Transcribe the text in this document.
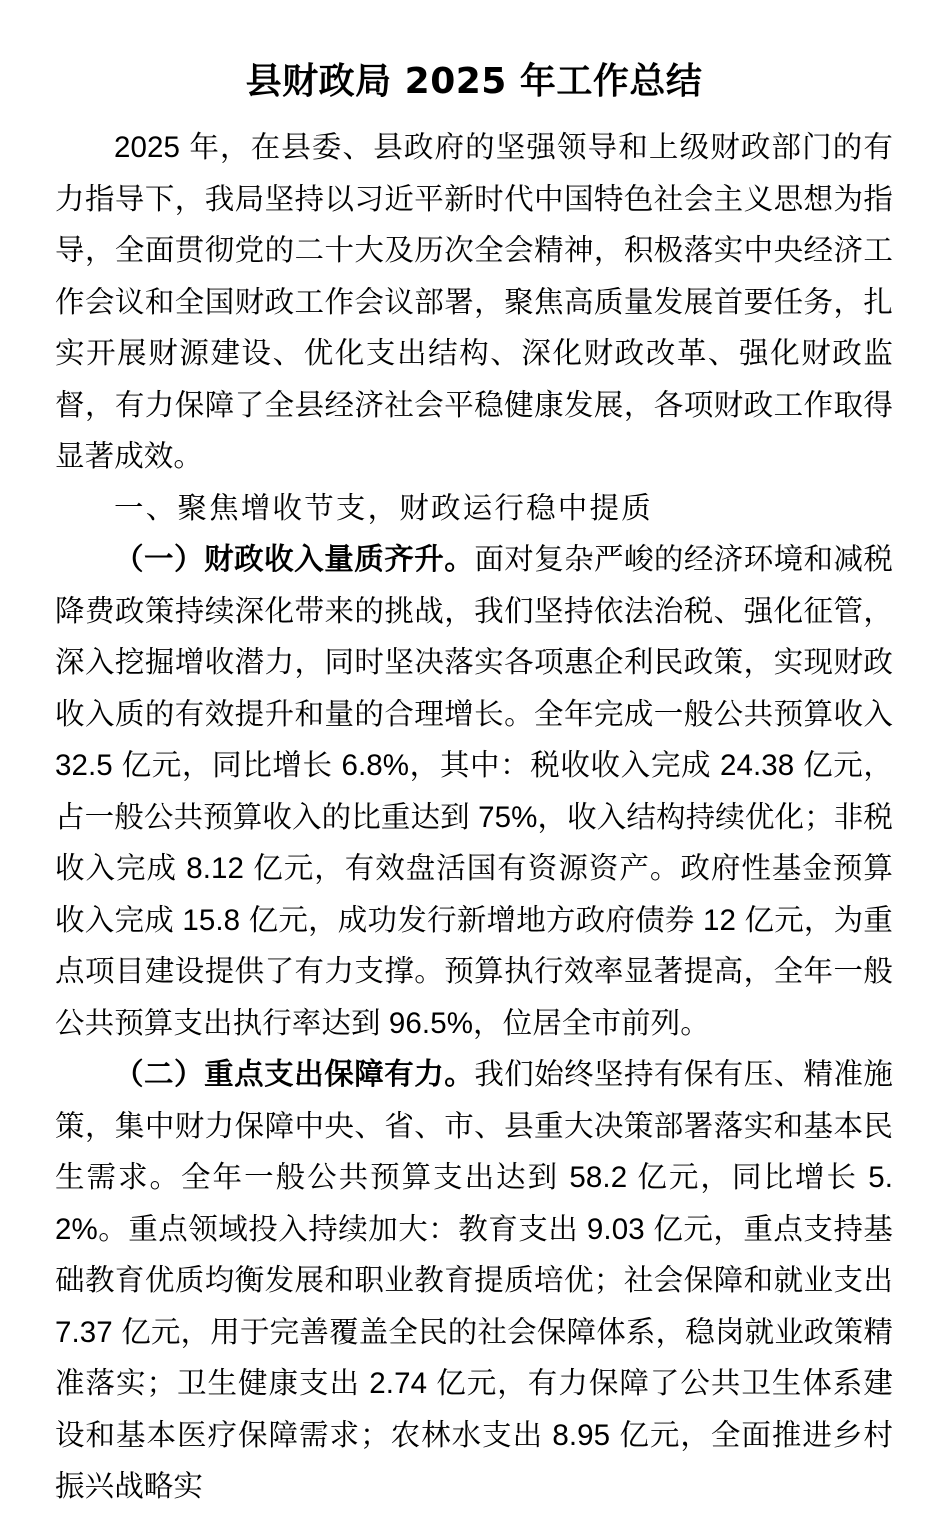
县财政局 2025 年工作总结

2025 年，在县委、县政府的坚强领导和上级财政部门的有力指导下，我局坚持以习近平新时代中国特色社会主义思想为指导，全面贯彻党的二十大及历次全会精神，积极落实中央经济工作会议和全国财政工作会议部署，聚焦高质量发展首要任务，扎实开展财源建设、优化支出结构、深化财政改革、强化财政监督，有力保障了全县经济社会平稳健康发展，各项财政工作取得显著成效。

一、聚焦增收节支，财政运行稳中提质

（一）财政收入量质齐升。面对复杂严峻的经济环境和减税降费政策持续深化带来的挑战，我们坚持依法治税、强化征管，深入挖掘增收潜力，同时坚决落实各项惠企利民政策，实现财政收入质的有效提升和量的合理增长。全年完成一般公共预算收入 32.5 亿元，同比增长 6.8%，其中：税收收入完成 24.38 亿元，占一般公共预算收入的比重达到 75%，收入结构持续优化；非税收入完成 8.12 亿元，有效盘活国有资源资产。政府性基金预算收入完成 15.8 亿元，成功发行新增地方政府债券 12 亿元，为重点项目建设提供了有力支撑。预算执行效率显著提高，全年一般公共预算支出执行率达到 96.5%，位居全市前列。

（二）重点支出保障有力。我们始终坚持有保有压、精准施策，集中财力保障中央、省、市、县重大决策部署落实和基本民生需求。全年一般公共预算支出达到 58.2 亿元，同比增长 5.2%。重点领域投入持续加大：教育支出 9.03 亿元，重点支持基础教育优质均衡发展和职业教育提质培优；社会保障和就业支出 7.37 亿元，用于完善覆盖全民的社会保障体系，稳岗就业政策精准落实；卫生健康支出 2.74 亿元，有力保障了公共卫生体系建设和基本医疗保障需求；农林水支出 8.95 亿元，全面推进乡村振兴战略实
